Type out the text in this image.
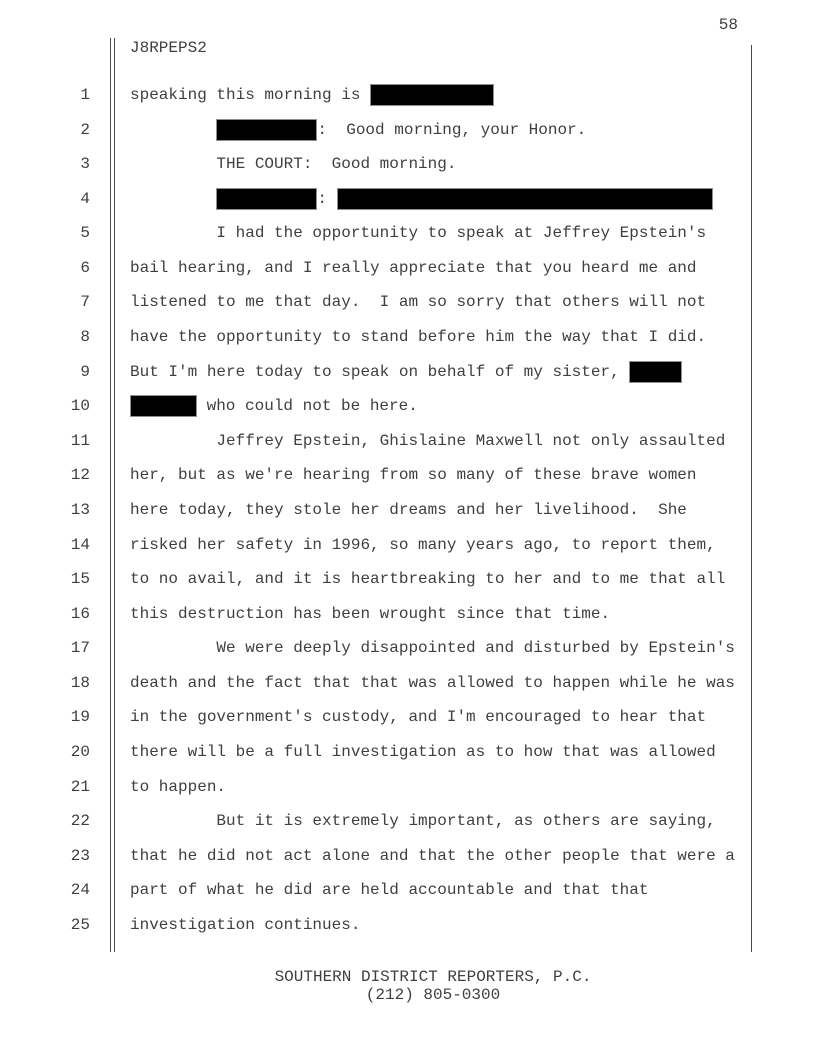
58
J8RPEPS2
1	speaking this morning is
2	:  Good morning, your Honor.
3	THE COURT:  Good morning.
4	:
5	I had the opportunity to speak at Jeffrey Epstein's
6	bail hearing, and I really appreciate that you heard me and
7	listened to me that day.  I am so sorry that others will not
8	have the opportunity to stand before him the way that I did.
9	But I'm here today to speak on behalf of my sister,
10	who could not be here.
11	Jeffrey Epstein, Ghislaine Maxwell not only assaulted
12	her, but as we're hearing from so many of these brave women
13	here today, they stole her dreams and her livelihood.  She
14	risked her safety in 1996, so many years ago, to report them,
15	to no avail, and it is heartbreaking to her and to me that all
16	this destruction has been wrought since that time.
17	We were deeply disappointed and disturbed by Epstein's
18	death and the fact that that was allowed to happen while he was
19	in the government's custody, and I'm encouraged to hear that
20	there will be a full investigation as to how that was allowed
21	to happen.
22	But it is extremely important, as others are saying,
23	that he did not act alone and that the other people that were a
24	part of what he did are held accountable and that that
25	investigation continues.
SOUTHERN DISTRICT REPORTERS, P.C.
(212) 805-0300
